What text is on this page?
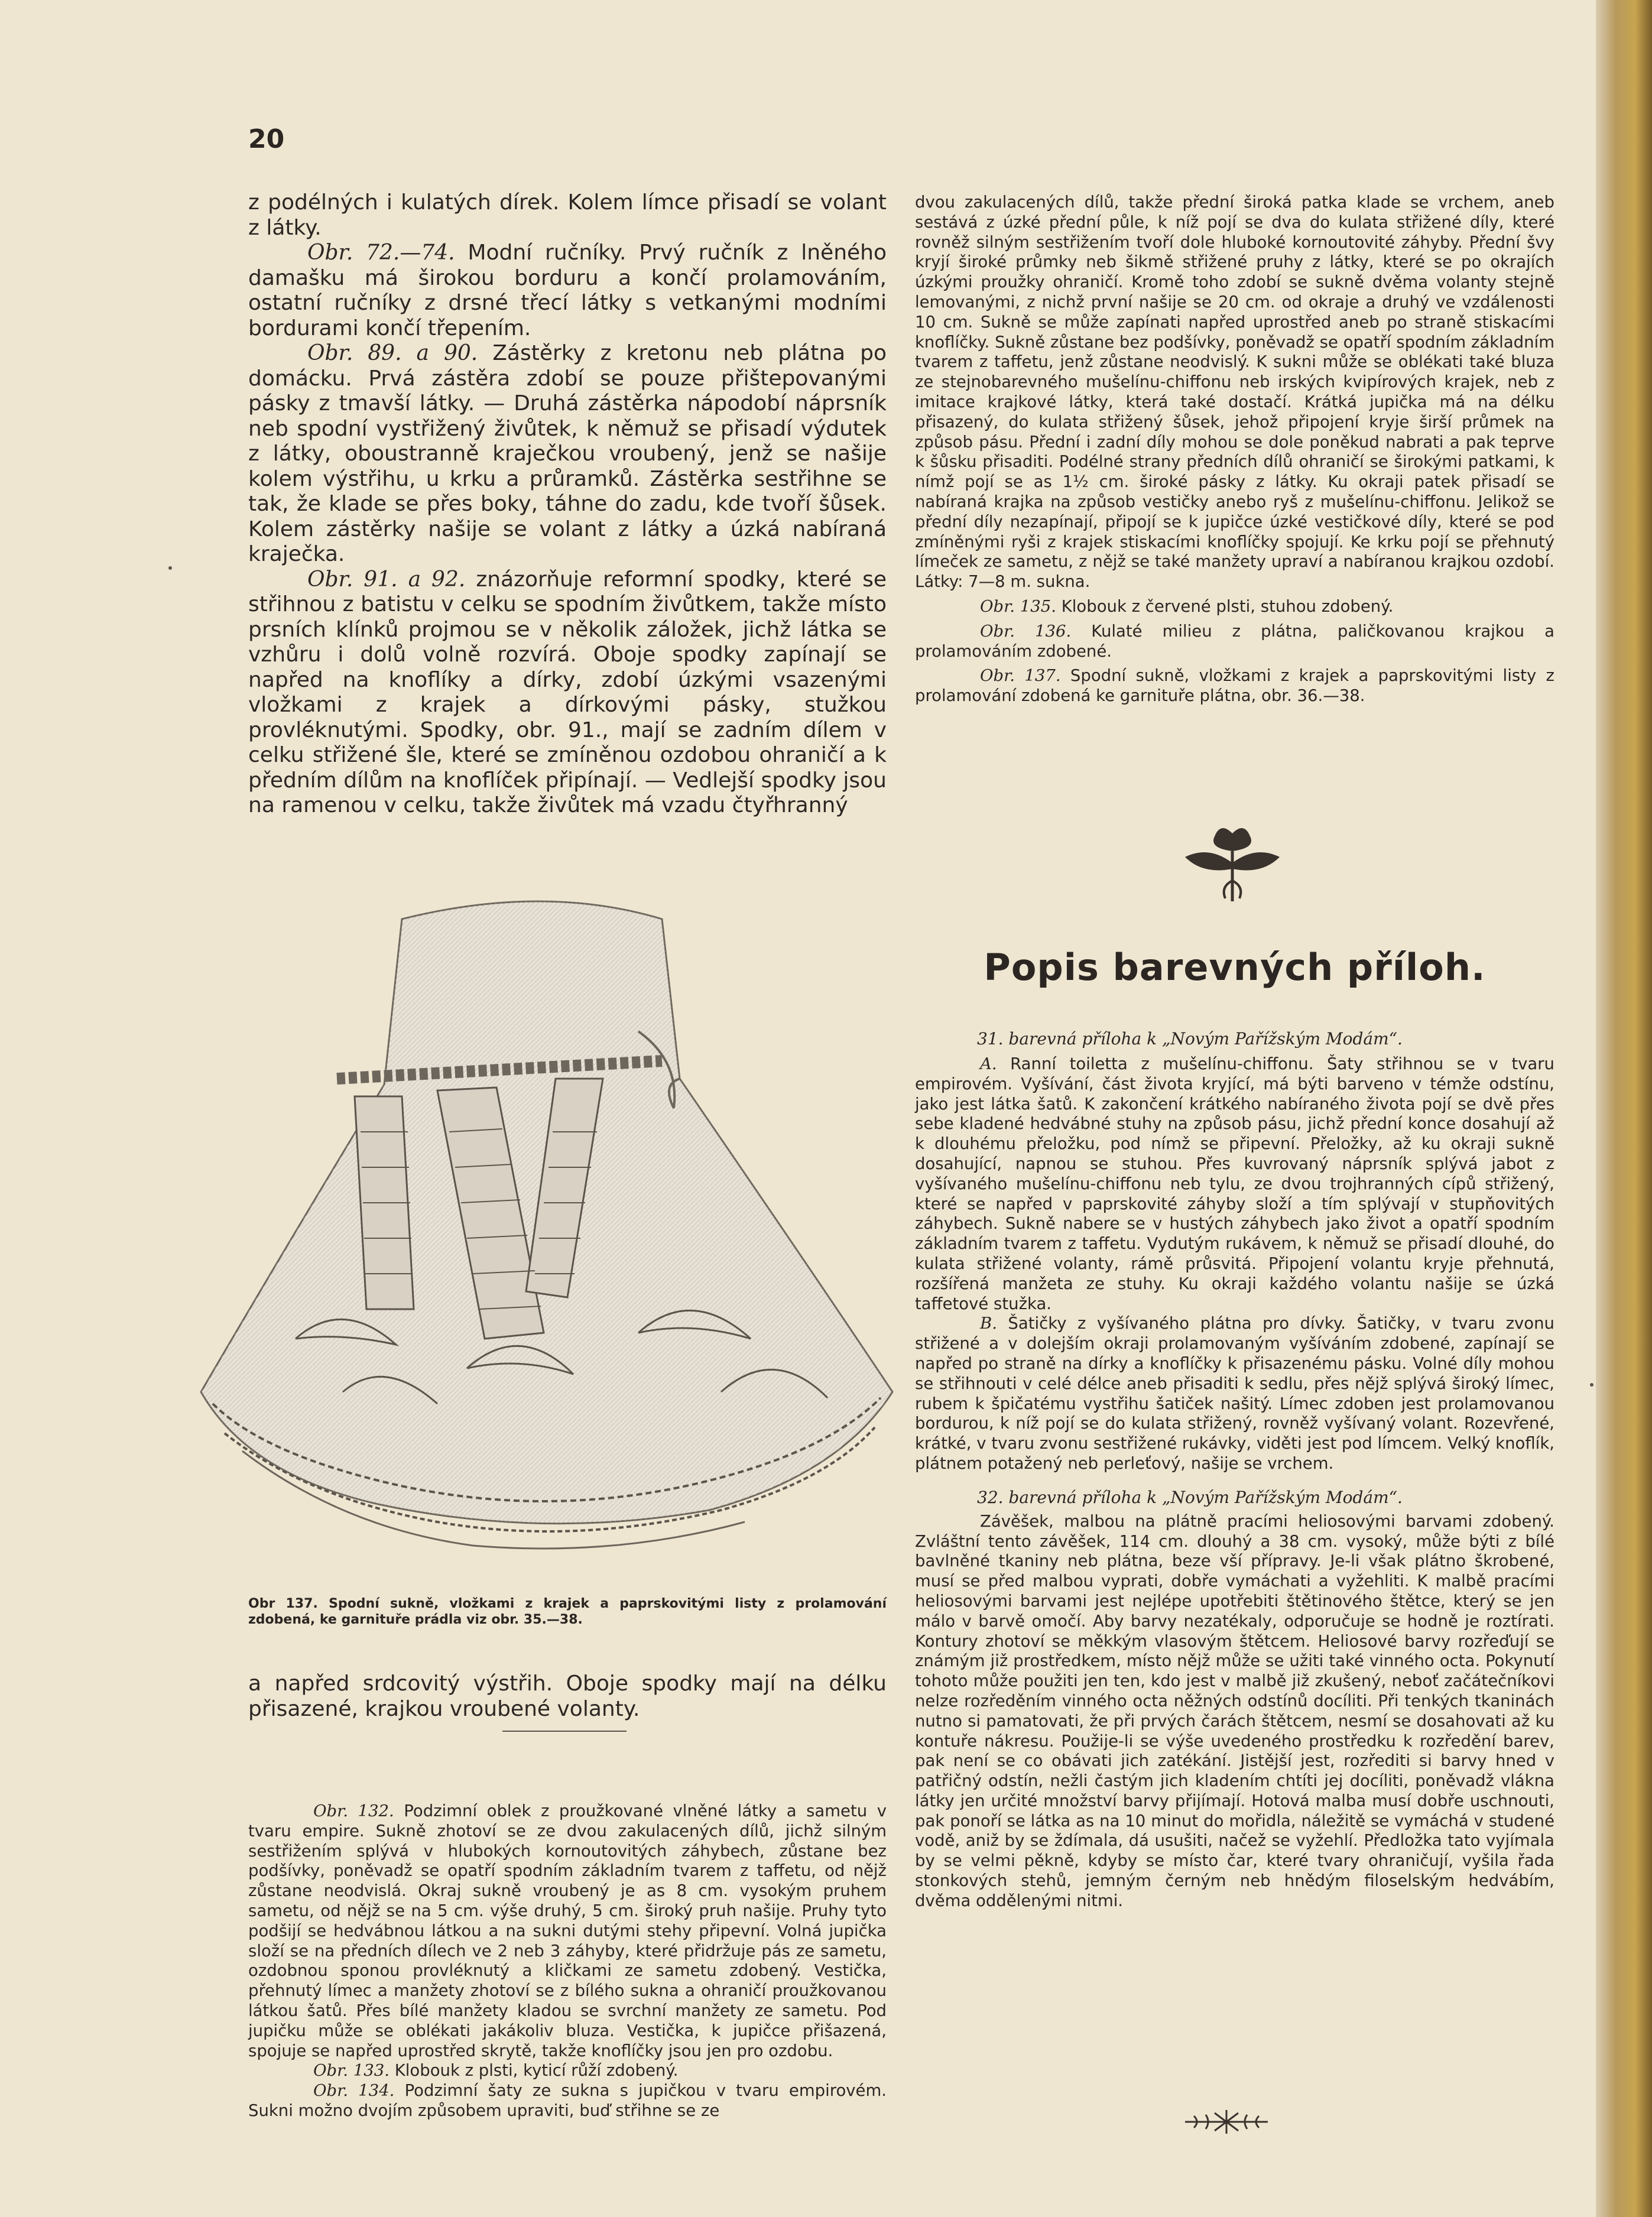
20

z podélných i kulatých dírek. Kolem límce přisadí se volant z látky.

Obr. 72.—74. Modní ručníky. Prvý ručník z lněného damašku má širokou borduru a končí prolamováním, ostatní ručníky z drsné třecí látky s vetkanými modními bordurami končí třepením.

Obr. 89. a 90. Zástěrky z kretonu neb plátna po domácku. Prvá zástěra zdobí se pouze přištepovanými pásky z tmavší látky. — Druhá zástěrka nápodobí náprsník neb spodní vystřižený živůtek, k němuž se přisadí výdutek z látky, oboustranně kraječkou vroubený, jenž se našije kolem výstřihu, u krku a průramků. Zástěrka sestřihne se tak, že klade se přes boky, táhne do zadu, kde tvoří šůsek. Kolem zástěrky našije se volant z látky a úzká nabíraná kraječka.

Obr. 91. a 92. znázorňuje reformní spodky, které se střihnou z batistu v celku se spodním živůtkem, takže místo prsních klínků projmou se v několik záložek, jichž látka se vzhůru i dolů volně rozvírá. Oboje spodky zapínají se napřed na knoflíky a dírky, zdobí úzkými vsazenými vložkami z krajek a dírkovými pásky, stužkou provléknutými. Spodky, obr. 91., mají se zadním dílem v celku střižené šle, které se zmíněnou ozdobou ohraničí a k předním dílům na knoflíček připínají. — Vedlejší spodky jsou na ramenou v celku, takže živůtek má vzadu čtyřhranný

Obr 137. Spodní sukně, vložkami z krajek a paprskovitými listy z prolamování zdobená, ke garnituře prádla viz obr. 35.—38.

a napřed srdcovitý výstřih. Oboje spodky mají na délku přisazené, krajkou vroubené volanty.

Obr. 132. Podzimní oblek z proužkované vlněné látky a sametu v tvaru empire. Sukně zhotoví se ze dvou zakulacených dílů, jichž silným sestřižením splývá v hlubokých kornoutovitých záhybech, zůstane bez podšívky, poněvadž se opatří spodním základním tvarem z taffetu, od nějž zůstane neodvislá. Okraj sukně vroubený je as 8 cm. vysokým pruhem sametu, od nějž se na 5 cm. výše druhý, 5 cm. široký pruh našije. Pruhy tyto podšijí se hedvábnou látkou a na sukni dutými stehy připevní. Volná jupička složí se na předních dílech ve 2 neb 3 záhyby, které přidržuje pás ze sametu, ozdobnou sponou provléknutý a kličkami ze sametu zdobený. Vestička, přehnutý límec a manžety zhotoví se z bílého sukna a ohraničí proužkovanou látkou šatů. Přes bílé manžety kladou se svrchní manžety ze sametu. Pod jupičku může se oblékati jakákoliv bluza. Vestička, k jupičce přišazená, spojuje se napřed uprostřed skrytě, takže knoflíčky jsou jen pro ozdobu.

Obr. 133. Klobouk z plsti, kyticí růží zdobený.

Obr. 134. Podzimní šaty ze sukna s jupičkou v tvaru empirovém. Sukni možno dvojím způsobem upraviti, buď střihne se ze

dvou zakulacených dílů, takže přední široká patka klade se vrchem, aneb sestává z úzké přední půle, k níž pojí se dva do kulata střižené díly, které rovněž silným sestřižením tvoří dole hluboké kornoutovité záhyby. Přední švy kryjí široké průmky neb šikmě střižené pruhy z látky, které se po okrajích úzkými proužky ohraničí. Kromě toho zdobí se sukně dvěma volanty stejně lemovanými, z nichž první našije se 20 cm. od okraje a druhý ve vzdálenosti 10 cm. Sukně se může zapínati napřed uprostřed aneb po straně stiskacími knoflíčky. Sukně zůstane bez podšívky, poněvadž se opatří spodním základním tvarem z taffetu, jenž zůstane neodvislý. K sukni může se oblékati také bluza ze stejnobarevného mušelínu-chiffonu neb irských kvipírových krajek, neb z imitace krajkové látky, která také dostačí. Krátká jupička má na délku přisazený, do kulata střižený šůsek, jehož připojení kryje širší průmek na způsob pásu. Přední i zadní díly mohou se dole poněkud nabrati a pak teprve k šůsku přisaditi. Podélné strany předních dílů ohraničí se širokými patkami, k nímž pojí se as 1½ cm. široké pásky z látky. Ku okraji patek přisadí se nabíraná krajka na způsob vestičky anebo ryš z mušelínu-chiffonu. Jelikož se přední díly nezapínají, připojí se k jupičce úzké vestičkové díly, které se pod zmíněnými ryši z krajek stiskacími knoflíčky spojují. Ke krku pojí se přehnutý límeček ze sametu, z nějž se také manžety upraví a nabíranou krajkou ozdobí. Látky: 7—8 m. sukna.

Obr. 135. Klobouk z červené plsti, stuhou zdobený.

Obr. 136. Kulaté milieu z plátna, paličkovanou krajkou a prolamováním zdobené.

Obr. 137. Spodní sukně, vložkami z krajek a paprskovitými listy z prolamování zdobená ke garnituře plátna, obr. 36.—38.

Popis barevných příloh.

31. barevná příloha k „Novým Pařížským Modám“.

A. Ranní toiletta z mušelínu-chiffonu. Šaty střihnou se v tvaru empirovém. Vyšívání, část života kryjící, má býti barveno v témže odstínu, jako jest látka šatů. K zakončení krátkého nabíraného života pojí se dvě přes sebe kladené hedvábné stuhy na způsob pásu, jichž přední konce dosahují až k dlouhému přeložku, pod nímž se připevní. Přeložky, až ku okraji sukně dosahující, napnou se stuhou. Přes kuvrovaný náprsník splývá jabot z vyšívaného mušelínu-chiffonu neb tylu, ze dvou trojhranných cípů střižený, které se napřed v paprskovité záhyby složí a tím splývají v stupňovitých záhybech. Sukně nabere se v hustých záhybech jako život a opatří spodním základním tvarem z taffetu. Vydutým rukávem, k němuž se přisadí dlouhé, do kulata střižené volanty, rámě průsvitá. Připojení volantu kryje přehnutá, rozšířená manžeta ze stuhy. Ku okraji každého volantu našije se úzká taffetové stužka.

B. Šatičky z vyšívaného plátna pro dívky. Šatičky, v tvaru zvonu střižené a v dolejším okraji prolamovaným vyšíváním zdobené, zapínají se napřed po straně na dírky a knoflíčky k přisazenému pásku. Volné díly mohou se střihnouti v celé délce aneb přisaditi k sedlu, přes nějž splývá široký límec, rubem k špičatému vystřihu šatiček našitý. Límec zdoben jest prolamovanou bordurou, k níž pojí se do kulata střižený, rovněž vyšívaný volant. Rozevřené, krátké, v tvaru zvonu sestřižené rukávky, viděti jest pod límcem. Velký knoflík, plátnem potažený neb perleťový, našije se vrchem.

32. barevná příloha k „Novým Pařížským Modám“.

Závěšek, malbou na plátně pracími heliosovými barvami zdobený. Zvláštní tento závěšek, 114 cm. dlouhý a 38 cm. vysoký, může býti z bílé bavlněné tkaniny neb plátna, beze vší přípravy. Je-li však plátno škrobené, musí se před malbou vyprati, dobře vymáchati a vyžehliti. K malbě pracími heliosovými barvami jest nejlépe upotřebiti štětinového štětce, který se jen málo v barvě omočí. Aby barvy nezatékaly, odporučuje se hodně je roztírati. Kontury zhotoví se měkkým vlasovým štětcem. Heliosové barvy rozřeďují se známým již prostředkem, místo nějž může se užiti také vinného octa. Pokynutí tohoto může použiti jen ten, kdo jest v malbě již zkušený, neboť začátečníkovi nelze rozředěním vinného octa něžných odstínů docíliti. Při tenkých tkaninách nutno si pamatovati, že při prvých čarách štětcem, nesmí se dosahovati až ku kontuře nákresu. Použije-li se výše uvedeného prostředku k rozředění barev, pak není se co obávati jich zatékání. Jistější jest, rozřediti si barvy hned v patřičný odstín, nežli častým jich kladením chtíti jej docíliti, poněvadž vlákna látky jen určité množství barvy přijímají. Hotová malba musí dobře uschnouti, pak ponoří se látka as na 10 minut do mořidla, náležitě se vymáchá v studené vodě, aniž by se ždímala, dá usušiti, načež se vyžehlí. Předložka tato vyjímala by se velmi pěkně, kdyby se místo čar, které tvary ohraničují, vyšila řada stonkových stehů, jemným černým neb hnědým filoselským hedvábím, dvěma oddělenými nitmi.
